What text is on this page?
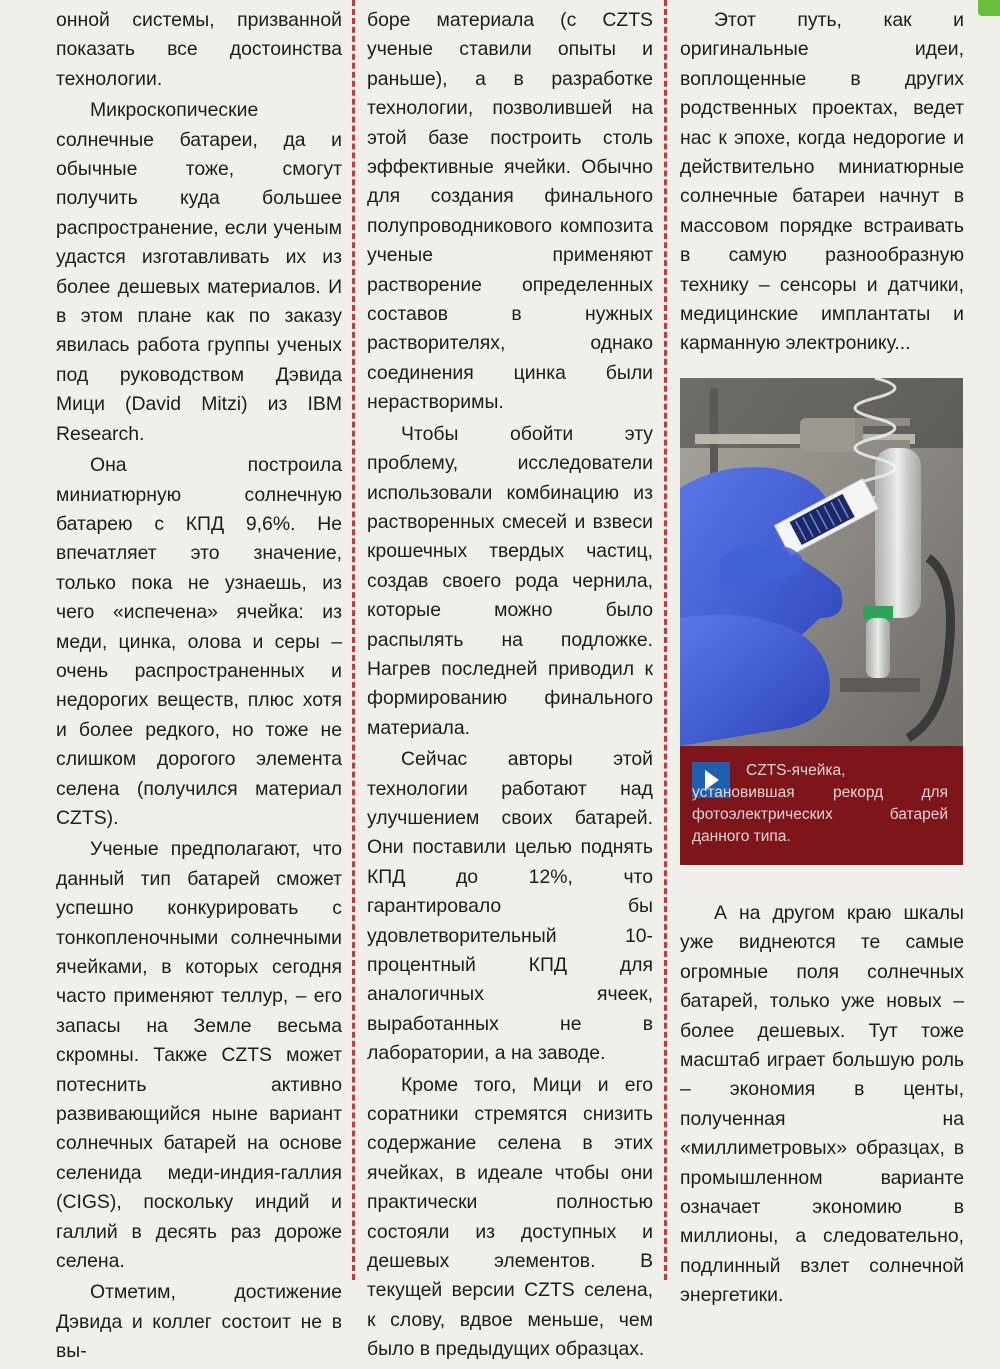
онной системы, призванной показать все достоинства технологии.

Микроскопические солнечные батареи, да и обычные тоже, смогут получить куда большее распространение, если ученым удастся изготавливать их из более дешевых материалов. И в этом плане как по заказу явилась работа группы ученых под руководством Дэвида Мици (David Mitzi) из IBM Research.

Она построила миниатюрную солнечную батарею с КПД 9,6%. Не впечатляет это значение, только пока не узнаешь, из чего «испечена» ячейка: из меди, цинка, олова и серы – очень распространенных и недорогих веществ, плюс хотя и более редкого, но тоже не слишком дорогого элемента селена (получился материал CZTS).

Ученые предполагают, что данный тип батарей сможет успешно конкурировать с тонкопленочными солнечными ячейками, в которых сегодня часто применяют теллур, – его запасы на Земле весьма скромны. Также CZTS может потеснить активно развивающийся ныне вариант солнечных батарей на основе селенида меди-индия-галлия (CIGS), поскольку индий и галлий в десять раз дороже селена.

Отметим, достижение Дэвида и коллег состоит не в вы-

боре материала (с CZTS ученые ставили опыты и раньше), а в разработке технологии, позволившей на этой базе построить столь эффективные ячейки. Обычно для создания финального полупроводникового композита ученые применяют растворение определенных составов в нужных растворителях, однако соединения цинка были нерастворимы.

Чтобы обойти эту проблему, исследователи использовали комбинацию из растворенных смесей и взвеси крошечных твердых частиц, создав своего рода чернила, которые можно было распылять на подложке. Нагрев последней приводил к формированию финального материала.

Сейчас авторы этой технологии работают над улучшением своих батарей. Они поставили целью поднять КПД до 12%, что гарантировало бы удовлетворительный 10-процентный КПД для аналогичных ячеек, выработанных не в лаборатории, а на заводе.

Кроме того, Мици и его соратники стремятся снизить содержание селена в этих ячейках, в идеале чтобы они практически полностью состояли из доступных и дешевых элементов. В текущей версии CZTS селена, к слову, вдвое меньше, чем было в предыдущих образцах.

Этот путь, как и оригинальные идеи, воплощенные в других родственных проектах, ведет нас к эпохе, когда недорогие и действительно миниатюрные солнечные батареи начнут в массовом порядке встраивать в самую разнообразную технику – сенсоры и датчики, медицинские имплантаты и карманную электронику...

А на другом краю шкалы уже виднеются те самые огромные поля солнечных батарей, только уже новых – более дешевых. Тут тоже масштаб играет большую роль – экономия в центы, полученная на «миллиметровых» образцах, в промышленном варианте означает экономию в миллионы, а следовательно, подлинный взлет солнечной энергетики.

CZTS-ячейка, установившая рекорд для фотоэлектрических батарей данного типа.
